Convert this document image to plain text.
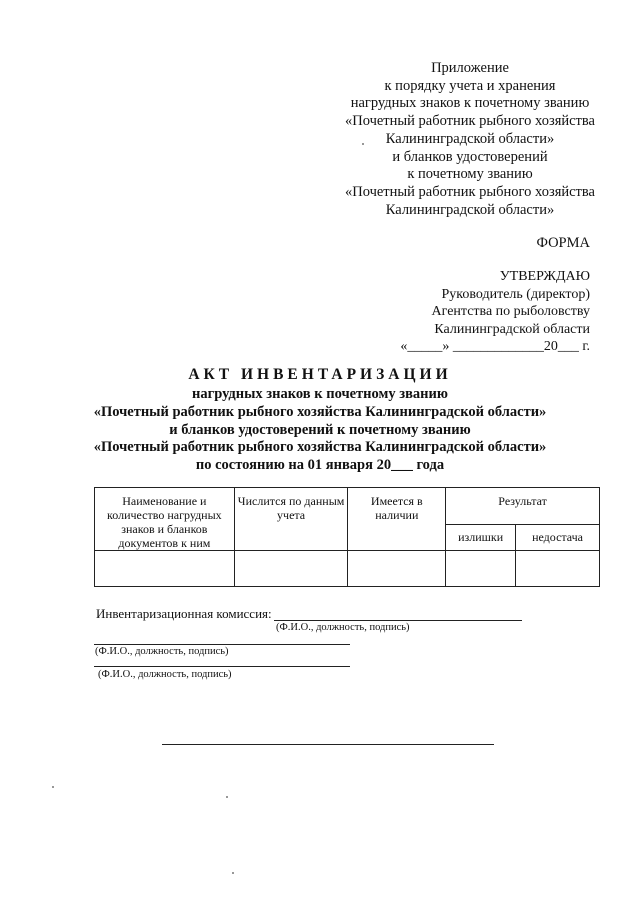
Приложение
к порядку учета и хранения
нагрудных знаков к почетному званию
«Почетный работник рыбного хозяйства
Калининградской области»
и бланков удостоверений
к почетному званию
«Почетный работник рыбного хозяйства
Калининградской области»
ФОРМА
УТВЕРЖДАЮ
Руководитель (директор)
Агентства по рыболовству
Калининградской области
«_____» _____________20___ г.
АКТ ИНВЕНТАРИЗАЦИИ
нагрудных знаков к почетному званию
«Почетный работник рыбного хозяйства Калининградской области»
и бланков удостоверений к почетному званию
«Почетный работник рыбного хозяйства Калининградской области»
по состоянию на 01 января 20___ года
Наименование и количество нагрудных знаков и бланков документов к ним	Числится по данным учета	Имеется в наличии	Результат	
			излишки	недостача

Инвентаризационная комиссия:
(Ф.И.О., должность, подпись)
(Ф.И.О., должность, подпись)
(Ф.И.О., должность, подпись)
